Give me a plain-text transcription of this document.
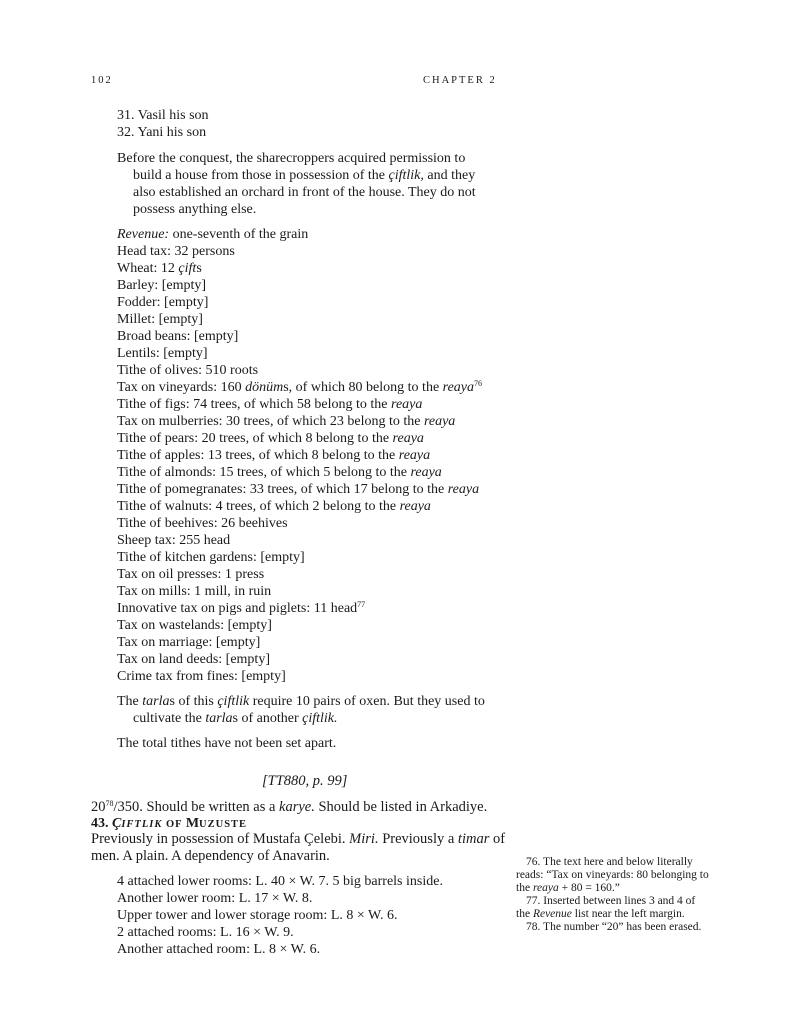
102	CHAPTER 2
31. Vasil his son
32. Yani his son
Before the conquest, the sharecroppers acquired permission to
build a house from those in possession of the çiftlik, and they
also established an orchard in front of the house. They do not
possess anything else.
Revenue: one-seventh of the grain
Head tax: 32 persons
Wheat: 12 çifts
Barley: [empty]
Fodder: [empty]
Millet: [empty]
Broad beans: [empty]
Lentils: [empty]
Tithe of olives: 510 roots
Tax on vineyards: 160 dönüms, of which 80 belong to the reaya$^{76}$
Tithe of figs: 74 trees, of which 58 belong to the reaya
Tax on mulberries: 30 trees, of which 23 belong to the reaya
Tithe of pears: 20 trees, of which 8 belong to the reaya
Tithe of apples: 13 trees, of which 8 belong to the reaya
Tithe of almonds: 15 trees, of which 5 belong to the reaya
Tithe of pomegranates: 33 trees, of which 17 belong to the reaya
Tithe of walnuts: 4 trees, of which 2 belong to the reaya
Tithe of beehives: 26 beehives
Sheep tax: 255 head
Tithe of kitchen gardens: [empty]
Tax on oil presses: 1 press
Tax on mills: 1 mill, in ruin
Innovative tax on pigs and piglets: 11 head$^{77}$
Tax on wastelands: [empty]
Tax on marriage: [empty]
Tax on land deeds: [empty]
Crime tax from fines: [empty]
The tarlas of this çiftlik require 10 pairs of oxen. But they used to
cultivate the tarlas of another çiftlik.
The total tithes have not been set apart.
[TT880, p. 99]
$20^{78}/350$. Should be written as a karye. Should be listed in Arkadiye.
43. ÇIFTLIK OF MUZUSTE
Previously in possession of Mustafa Çelebi. Miri. Previously a timar of
men. A plain. A dependency of Anavarin.
4 attached lower rooms: L. 40 × W. 7. 5 big barrels inside.
Another lower room: L. 17 × W. 8.
Upper tower and lower storage room: L. 8 × W. 6.
2 attached rooms: L. 16 × W. 9.
Another attached room: L. 8 × W. 6.

76. The text here and below literally reads: “Tax on vineyards: 80 belonging to the reaya + 80 = 160.”

77. Inserted between lines 3 and 4 of the Revenue list near the left margin.

78. The number “20” has been erased.
